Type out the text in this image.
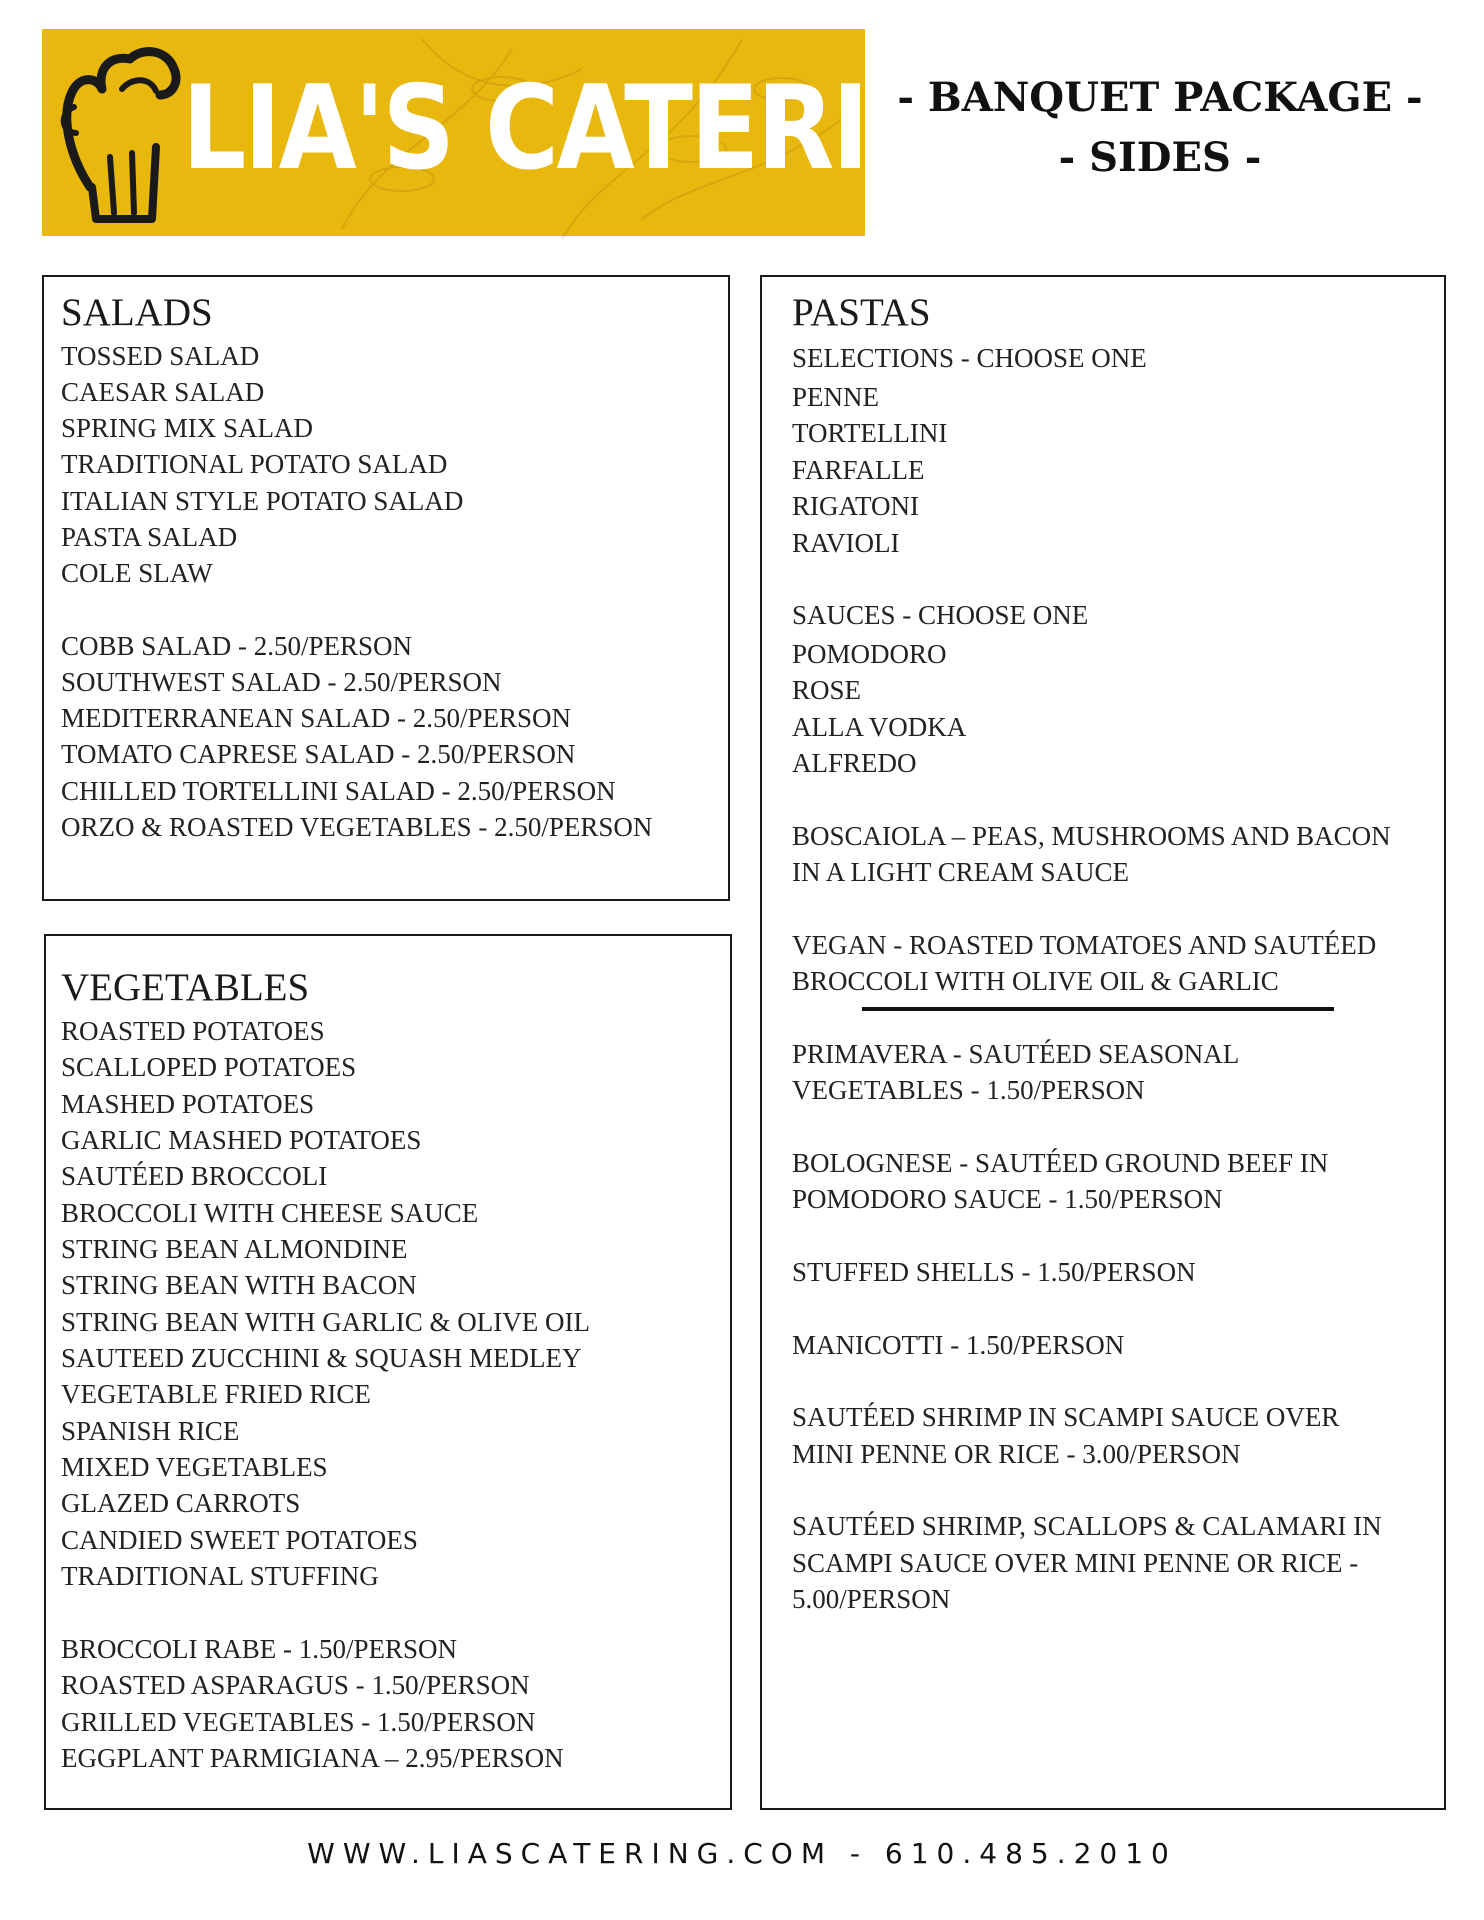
LIA'S CATERING
- BANQUET PACKAGE -
- SIDES -
SALADS
TOSSED SALAD
CAESAR SALAD
SPRING MIX SALAD
TRADITIONAL POTATO SALAD
ITALIAN STYLE POTATO SALAD
PASTA SALAD
COLE SLAW
COBB SALAD - 2.50/PERSON
SOUTHWEST SALAD - 2.50/PERSON
MEDITERRANEAN SALAD - 2.50/PERSON
TOMATO CAPRESE SALAD - 2.50/PERSON
CHILLED TORTELLINI SALAD - 2.50/PERSON
ORZO & ROASTED VEGETABLES - 2.50/PERSON
VEGETABLES
ROASTED POTATOES
SCALLOPED POTATOES
MASHED POTATOES
GARLIC MASHED POTATOES
SAUTÉED BROCCOLI
BROCCOLI WITH CHEESE SAUCE
STRING BEAN ALMONDINE
STRING BEAN WITH BACON
STRING BEAN WITH GARLIC & OLIVE OIL
SAUTEED ZUCCHINI & SQUASH MEDLEY
VEGETABLE FRIED RICE
SPANISH RICE
MIXED VEGETABLES
GLAZED CARROTS
CANDIED SWEET POTATOES
TRADITIONAL STUFFING
BROCCOLI RABE - 1.50/PERSON
ROASTED ASPARAGUS - 1.50/PERSON
GRILLED VEGETABLES - 1.50/PERSON
EGGPLANT PARMIGIANA – 2.95/PERSON
PASTAS
SELECTIONS - CHOOSE ONE
PENNE
TORTELLINI
FARFALLE
RIGATONI
RAVIOLI
SAUCES - CHOOSE ONE
POMODORO
ROSE
ALLA VODKA
ALFREDO
BOSCAIOLA – PEAS, MUSHROOMS AND BACON
IN A LIGHT CREAM SAUCE
VEGAN - ROASTED TOMATOES AND SAUTÉED
BROCCOLI WITH OLIVE OIL & GARLIC
PRIMAVERA - SAUTÉED SEASONAL
VEGETABLES - 1.50/PERSON
BOLOGNESE - SAUTÉED GROUND BEEF IN
POMODORO SAUCE - 1.50/PERSON
STUFFED SHELLS - 1.50/PERSON
MANICOTTI - 1.50/PERSON
SAUTÉED SHRIMP IN SCAMPI SAUCE OVER
MINI PENNE OR RICE - 3.00/PERSON
SAUTÉED SHRIMP, SCALLOPS & CALAMARI IN
SCAMPI SAUCE OVER MINI PENNE OR RICE -
5.00/PERSON
WWW.LIASCATERING.COM - 610.485.2010
